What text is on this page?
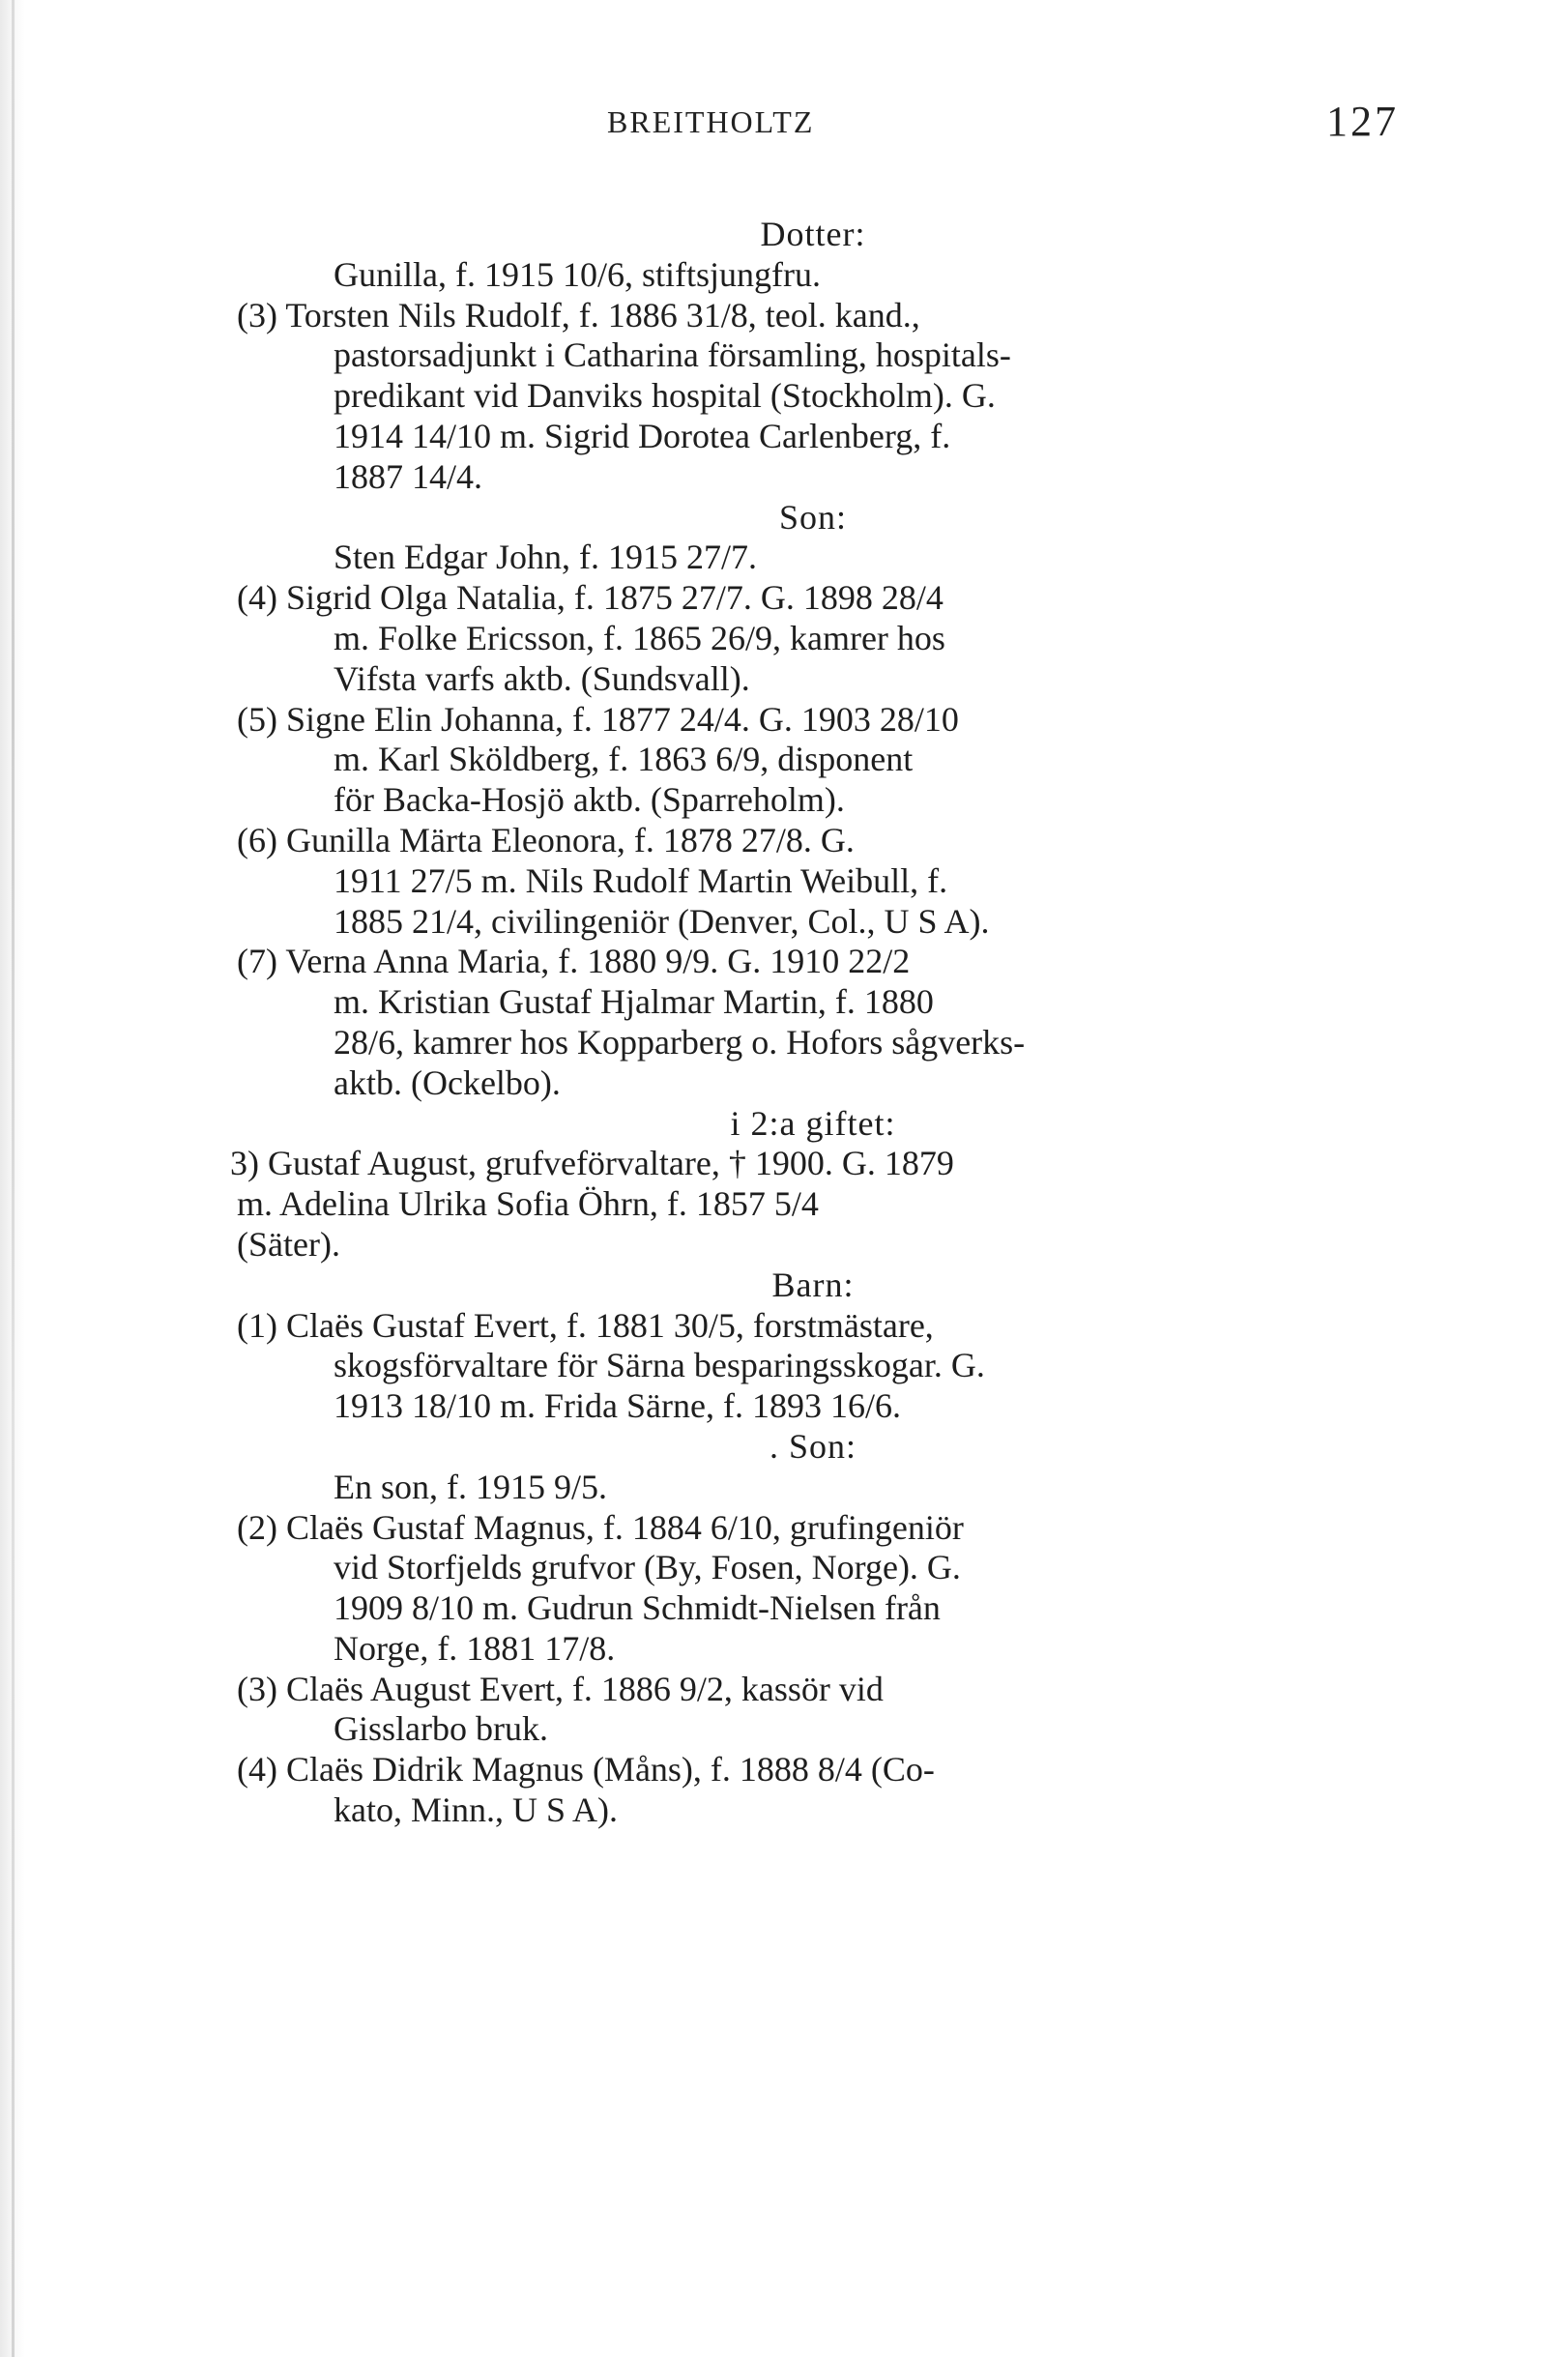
BREITHOLTZ	127
Dotter:
Gunilla, f. 1915 10/6, stiftsjungfru.
(3) Torsten Nils Rudolf, f. 1886 31/8, teol. kand.,
pastorsadjunkt i Catharina församling, hospitals-
predikant vid Danviks hospital (Stockholm). G.
1914 14/10 m. Sigrid Dorotea Carlenberg, f.
1887 14/4.
Son:
Sten Edgar John, f. 1915 27/7.
(4) Sigrid Olga Natalia, f. 1875 27/7. G. 1898 28/4
m. Folke Ericsson, f. 1865 26/9, kamrer hos
Vifsta varfs aktb. (Sundsvall).
(5) Signe Elin Johanna, f. 1877 24/4. G. 1903 28/10
m. Karl Sköldberg, f. 1863 6/9, disponent
för Backa-Hosjö aktb. (Sparreholm).
(6) Gunilla Märta Eleonora, f. 1878 27/8. G.
1911 27/5 m. Nils Rudolf Martin Weibull, f.
1885 21/4, civilingeniör (Denver, Col., U S A).
(7) Verna Anna Maria, f. 1880 9/9. G. 1910 22/2
m. Kristian Gustaf Hjalmar Martin, f. 1880
28/6, kamrer hos Kopparberg o. Hofors sågverks-
aktb. (Ockelbo).
i 2:a giftet:
3) Gustaf August, grufveförvaltare, † 1900. G. 1879
m. Adelina Ulrika Sofia Öhrn, f. 1857 5/4
(Säter).
Barn:
(1) Claës Gustaf Evert, f. 1881 30/5, forstmästare,
skogsförvaltare för Särna besparingsskogar. G.
1913 18/10 m. Frida Särne, f. 1893 16/6.
. Son:
En son, f. 1915 9/5.
(2) Claës Gustaf Magnus, f. 1884 6/10, grufingeniör
vid Storfjelds grufvor (By, Fosen, Norge). G.
1909 8/10 m. Gudrun Schmidt-Nielsen från
Norge, f. 1881 17/8.
(3) Claës August Evert, f. 1886 9/2, kassör vid
Gisslarbo bruk.
(4) Claës Didrik Magnus (Måns), f. 1888 8/4 (Co-
kato, Minn., U S A).
